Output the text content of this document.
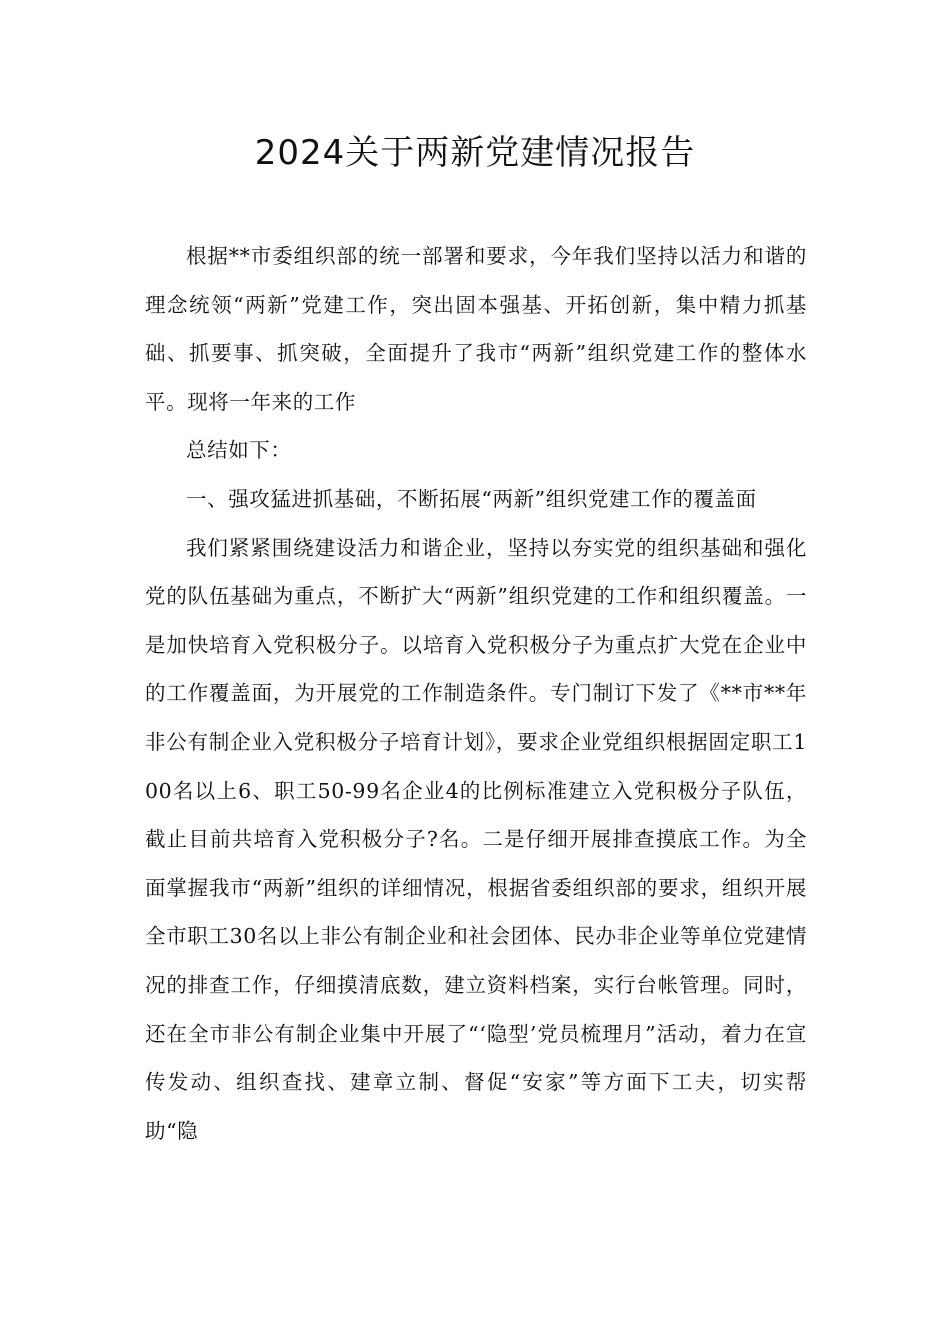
2024关于两新党建情况报告

根据**市委组织部的统一部署和要求，今年我们坚持以活力和谐的理念统领“两新”党建工作，突出固本强基、开拓创新，集中精力抓基础、抓要事、抓突破，全面提升了我市“两新”组织党建工作的整体水平。现将一年来的工作

总结如下：

一、强攻猛进抓基础，不断拓展“两新”组织党建工作的覆盖面

我们紧紧围绕建设活力和谐企业，坚持以夯实党的组织基础和强化党的队伍基础为重点，不断扩大“两新”组织党建的工作和组织覆盖。一是加快培育入党积极分子。以培育入党积极分子为重点扩大党在企业中的工作覆盖面，为开展党的工作制造条件。专门制订下发了《**市**年非公有制企业入党积极分子培育计划》，要求企业党组织根据固定职工100名以上6、职工50-99名企业4的比例标准建立入党积极分子队伍，截止目前共培育入党积极分子?名。二是仔细开展排查摸底工作。为全面掌握我市“两新”组织的详细情况，根据省委组织部的要求，组织开展全市职工30名以上非公有制企业和社会团体、民办非企业等单位党建情况的排查工作，仔细摸清底数，建立资料档案，实行台帐管理。同时，还在全市非公有制企业集中开展了“‘隐型’党员梳理月”活动，着力在宣传发动、组织查找、建章立制、督促“安家”等方面下工夫，切实帮助“隐
